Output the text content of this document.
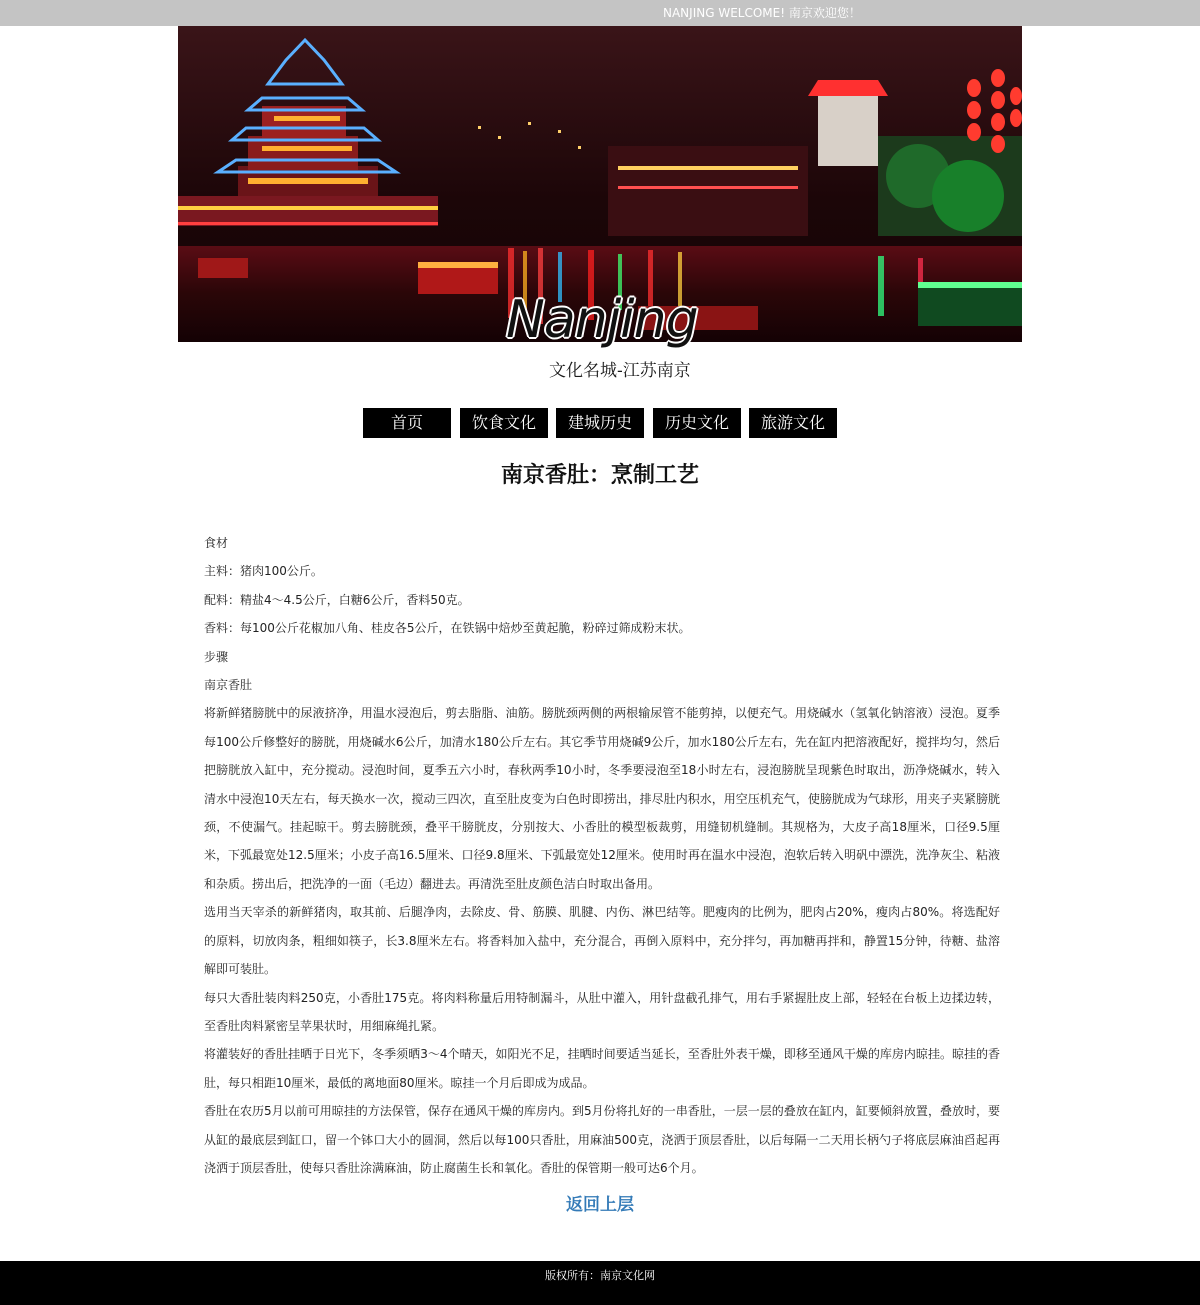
NANJING WELCOME! 南京欢迎您！
Nanjing
文化名城-江苏南京
首页	饮食文化	建城历史	历史文化	旅游文化
南京香肚：烹制工艺

食材

主料：猪肉100公斤。

配料：精盐4～4.5公斤，白糖6公斤，香料50克。

香料：每100公斤花椒加八角、桂皮各5公斤，在铁锅中焙炒至黄起脆，粉碎过筛成粉末状。

步骤

南京香肚

将新鲜猪膀胱中的尿液挤净，用温水浸泡后，剪去脂脂、油筋。膀胱颈两侧的两根输尿管不能剪掉，以便充气。用烧碱水（氢氧化钠溶液）浸泡。夏季每100公斤修整好的膀胱，用烧碱水6公斤，加清水180公斤左右。其它季节用烧碱9公斤，加水180公斤左右，先在缸内把溶液配好，搅拌均匀，然后把膀胱放入缸中，充分搅动。浸泡时间，夏季五六小时，春秋两季10小时，冬季要浸泡至18小时左右，浸泡膀胱呈现紫色时取出，沥净烧碱水，转入清水中浸泡10天左右，每天换水一次，搅动三四次，直至肚皮变为白色时即捞出，排尽肚内积水，用空压机充气，使膀胱成为气球形，用夹子夹紧膀胱颈，不使漏气。挂起晾干。剪去膀胱颈，叠平干膀胱皮，分别按大、小香肚的模型板裁剪，用缝韧机缝制。其规格为，大皮子高18厘米，口径9.5厘米，下弧最宽处12.5厘米；小皮子高16.5厘米、口径9.8厘米、下弧最宽处12厘米。使用时再在温水中浸泡，泡软后转入明矾中漂洗，洗净灰尘、粘液和杂质。捞出后，把洗净的一面（毛边）翻进去。再清洗至肚皮颜色洁白时取出备用。

选用当天宰杀的新鲜猪肉，取其前、后腿净肉，去除皮、骨、筋膜、肌腱、内伤、淋巴结等。肥瘦肉的比例为，肥肉占20%，瘦肉占80%。将选配好的原料，切放肉条，粗细如筷子，长3.8厘米左右。将香料加入盐中，充分混合，再倒入原料中，充分拌匀，再加糖再拌和，静置15分钟，待糖、盐溶解即可装肚。

每只大香肚装肉料250克，小香肚175克。将肉料称量后用特制漏斗，从肚中灌入，用针盘截孔排气，用右手紧握肚皮上部，轻轻在台板上边揉边转，至香肚肉料紧密呈苹果状时，用细麻绳扎紧。

将灌装好的香肚挂晒于日光下，冬季须晒3～4个晴天，如阳光不足，挂晒时间要适当延长，至香肚外表干燥，即移至通风干燥的库房内晾挂。晾挂的香肚，每只相距10厘米，最低的离地面80厘米。晾挂一个月后即成为成品。

香肚在农历5月以前可用晾挂的方法保管，保存在通风干燥的库房内。到5月份将扎好的一串香肚，一层一层的叠放在缸内，缸要倾斜放置，叠放时，要从缸的最底层到缸口，留一个钵口大小的圆洞，然后以每100只香肚，用麻油500克，浇洒于顶层香肚，以后每隔一二天用长柄勺子将底层麻油舀起再浇洒于顶层香肚，使每只香肚涂满麻油，防止腐菌生长和氧化。香肚的保管期一般可达6个月。

返回上层
版权所有：南京文化网
